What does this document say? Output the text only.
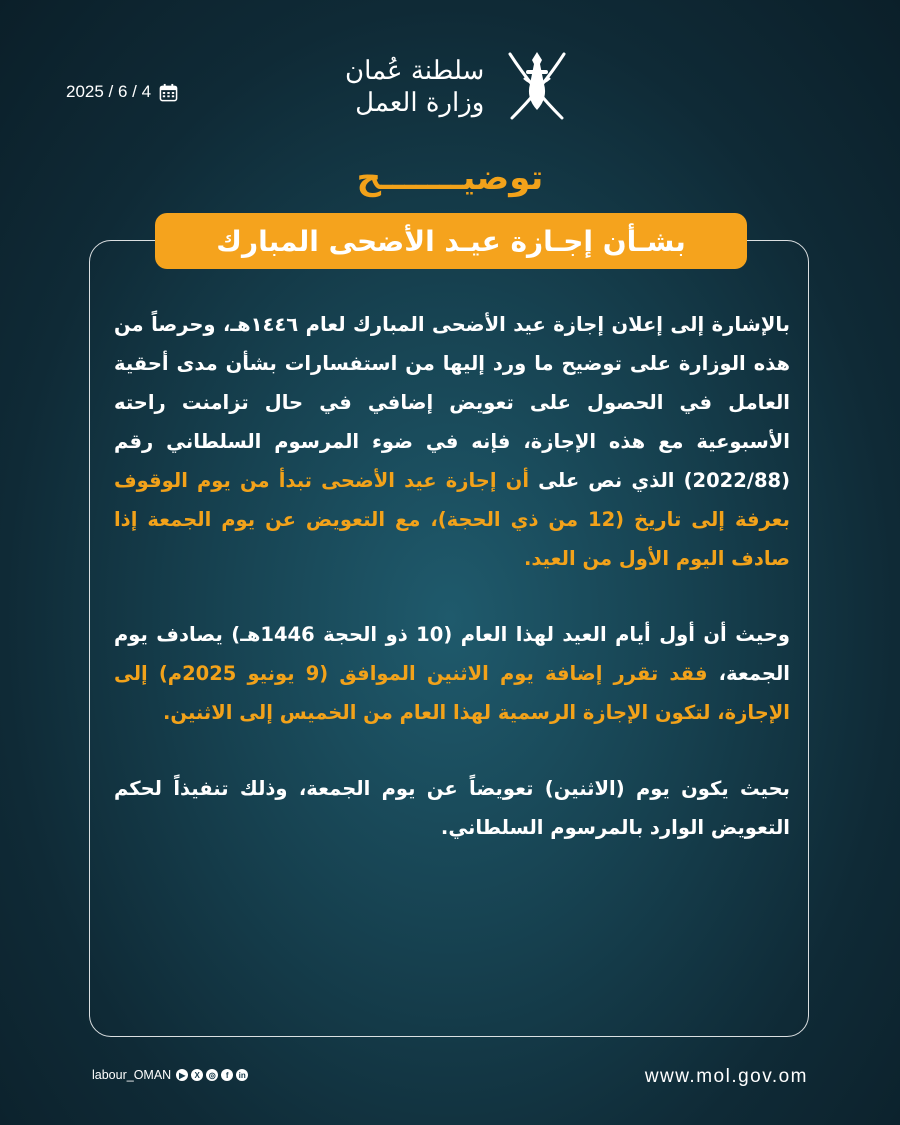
2025 / 6 / 4
سلطنة عُمان
وزارة العمل
توضيـــــــح
بشـأن إجـازة عيـد الأضحى المبارك

بالإشارة إلى إعلان إجازة عيد الأضحى المبارك لعام ١٤٤٦هـ، وحرصاً من هذه الوزارة على توضيح ما ورد إليها من استفسارات بشأن مدى أحقية العامل في الحصول على تعويض إضافي في حال تزامنت راحته الأسبوعية مع هذه الإجازة، فإنه في ضوء المرسوم السلطاني رقم (2022/88) الذي نص على أن إجازة عيد الأضحى تبدأ من يوم الوقوف بعرفة إلى تاريخ (12 من ذي الحجة)، مع التعويض عن يوم الجمعة إذا صادف اليوم الأول من العيد.

وحيث أن أول أيام العيد لهذا العام (10 ذو الحجة 1446هـ) يصادف يوم الجمعة، فقد تقرر إضافة يوم الاثنين الموافق (9 يونيو 2025م) إلى الإجازة، لتكون الإجازة الرسمية لهذا العام من الخميس إلى الاثنين.

بحيث يكون يوم (الاثنين) تعويضاً عن يوم الجمعة، وذلك تنفيذاً لحكم التعويض الوارد بالمرسوم السلطاني.

labour_OMAN ▶	X	◎	f	in	www.mol.gov.om
